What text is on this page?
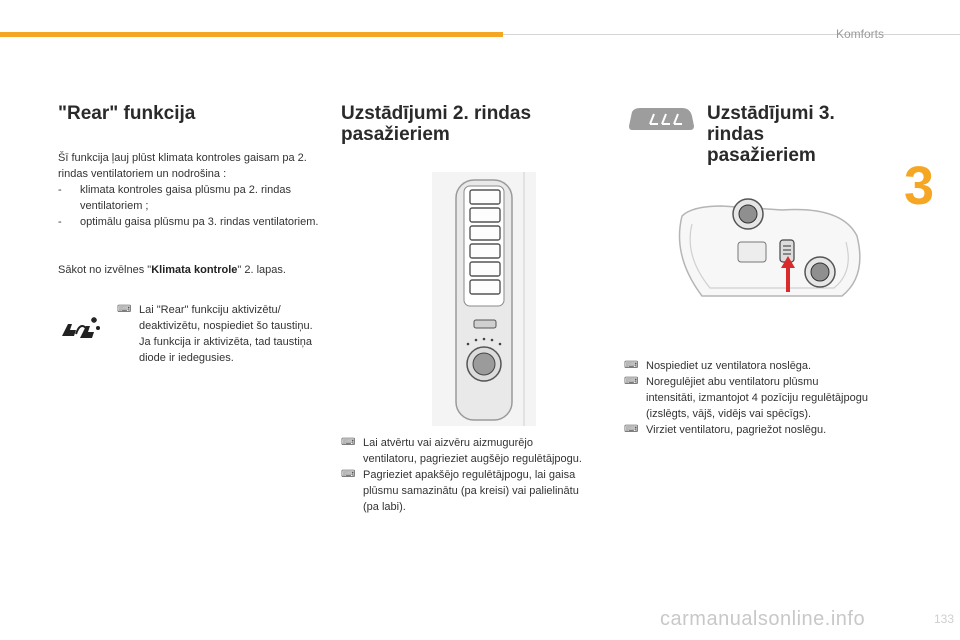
Komforts
3
"Rear" funkcija

Šī funkcija ļauj plūst klimata kontroles gaisam pa 2. rindas ventilatoriem un nodrošina :

- klimata kontroles gaisa plūsmu pa 2. rindas ventilatoriem ;
- optimālu gaisa plūsmu pa 3. rindas ventilatoriem.

Sākot no izvēlnes "Klimata kontrole" 2. lapas.

⌨ Lai "Rear" funkciju aktivizētu/ deaktivizētu, nospiediet šo taustiņu.
Ja funkcija ir aktivizēta, tad taustiņa diode ir iedegusies.
Uzstādījumi 2. rindas pasažieriem
⌨ Lai atvērtu vai aizvēru aizmugurējo ventilatoru, pagrieziet augšējo regulētājpogu.
⌨ Pagrieziet apakšējo regulētājpogu, lai gaisa plūsmu samazinātu (pa kreisi) vai palielinātu (pa labi).
Uzstādījumi 3. rindas pasažieriem
⌨ Nospiediet uz ventilatora noslēga.
⌨ Noregulējiet abu ventilatoru plūsmu intensitāti, izmantojot 4 pozīciju regulētājpogu (izslēgts, vājš, vidējs vai spēcīgs).
⌨ Virziet ventilatoru, pagriežot noslēgu.
carmanualsonline.info	133
